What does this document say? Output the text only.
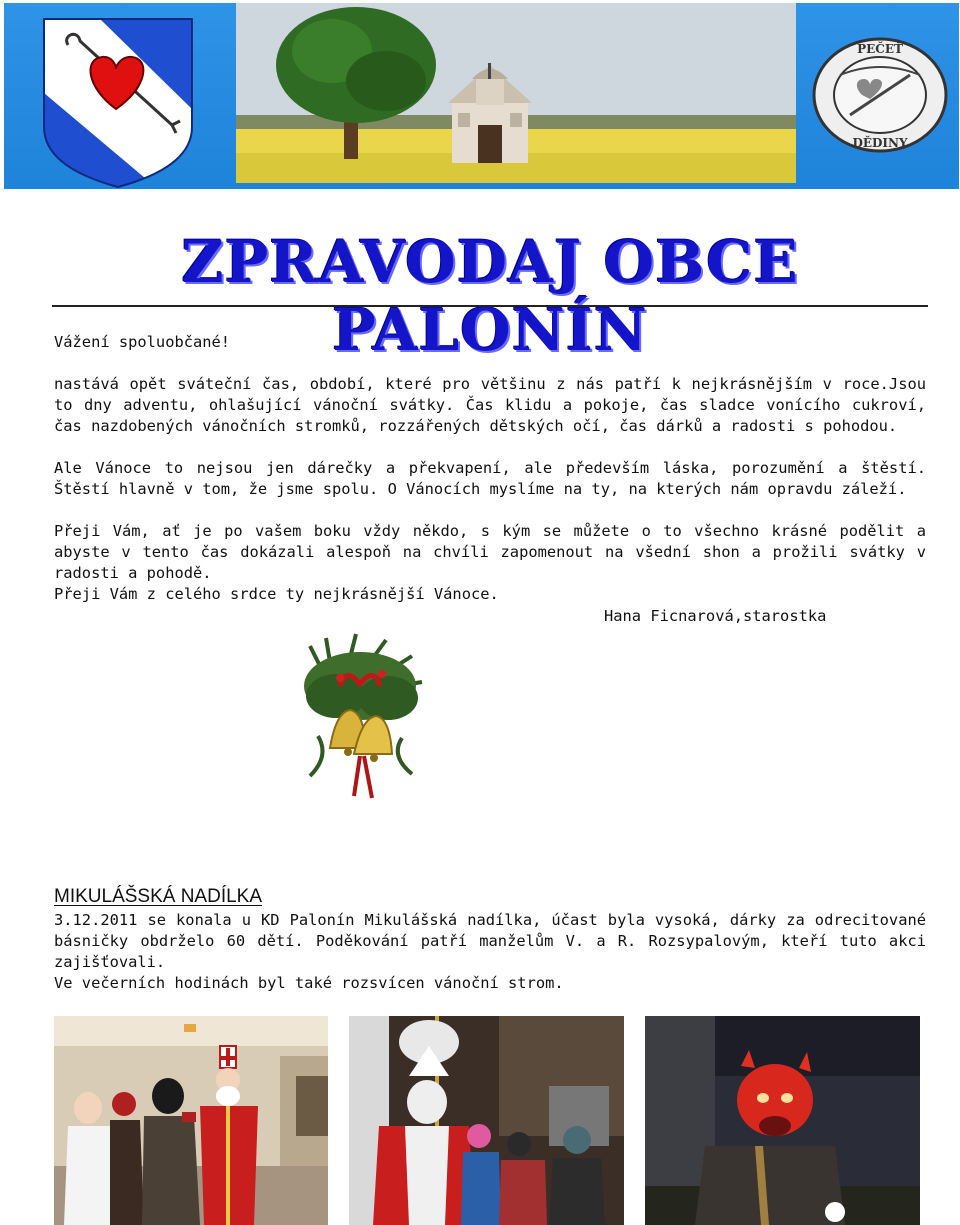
PEČEŤ
DĚDINY
ZPRAVODAJ OBCE PALONÍN

Vážení spoluobčané!

nastává opět sváteční čas, období, které pro většinu z nás patří k nejkrásnějším v roce.Jsou to dny adventu, ohlašující vánoční svátky. Čas klidu a pokoje, čas sladce vonícího cukroví, čas nazdobených vánočních stromků, rozzářených dětských očí, čas dárků a radosti s pohodou.

Ale Vánoce to nejsou jen dárečky a překvapení, ale především láska, porozumění a štěstí. Štěstí hlavně v tom, že jsme spolu. O Vánocích myslíme na ty, na kterých nám opravdu záleží.

Přeji Vám, ať je po vašem boku vždy někdo, s kým se můžete o to všechno krásné podělit a abyste v tento čas dokázali alespoň na chvíli zapomenout na všední shon a prožili svátky v radosti a pohodě.

Přeji Vám z celého srdce ty nejkrásnější Vánoce.

Hana Ficnarová,starostka

MIKULÁŠSKÁ NADÍLKA

3.12.2011 se konala u KD Palonín Mikulášská nadílka, účast byla vysoká, dárky za odrecitované básničky obdrželo 60 dětí. Poděkování patří manželům V. a R. Rozsypalovým, kteří tuto akci zajišťovali.

Ve večerních hodinách byl také rozsvícen vánoční strom.
